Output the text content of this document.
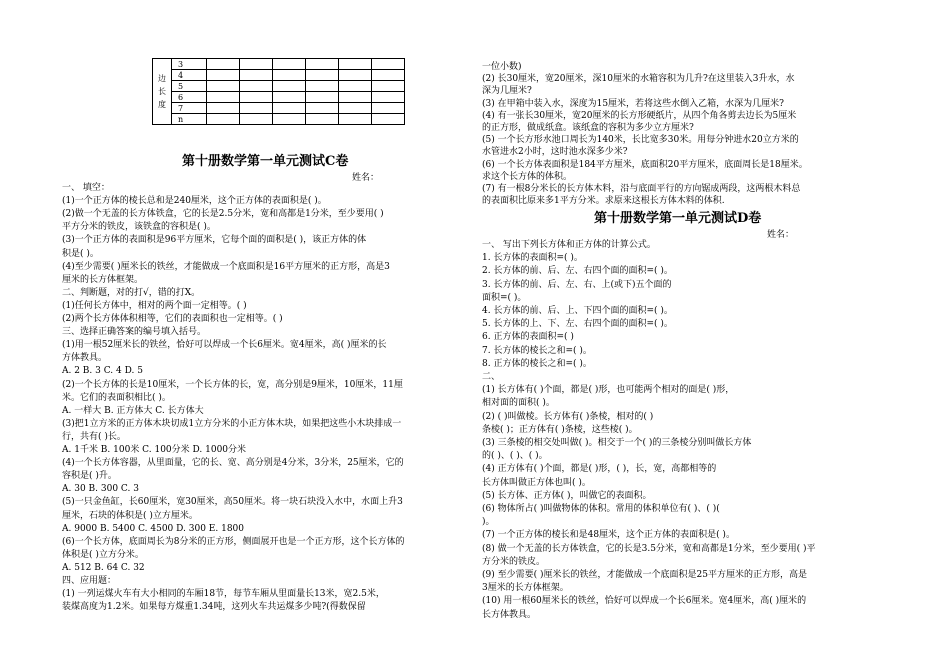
边
长
度	3						
	4						
	5						
	6						
	7						
	n						
第十册数学第一单元测试C卷
姓名：
一、 填空：
(1)一个正方体的棱长总和是240厘米，这个正方体的表面积是( )。
(2)做一个无盖的长方体铁盒，它的长是2.5分米，宽和高都是1分米，至少要用( )
平方分米的铁皮，该铁盒的容积是( )。
(3)一个正方体的表面积是96平方厘米，它每个面的面积是( )，该正方体的体
积是( )。
(4)至少需要( )厘米长的铁丝，才能做成一个底面积是16平方厘米的正方形，高是3
厘米的长方体框架。
二、判断题，对的打√，错的打X。
(1)任何长方体中，相对的两个面一定相等。( )
(2)两个长方体体积相等，它们的表面积也一定相等。( )
三、选择正确答案的编号填入括号。
(1)用一根52厘米长的铁丝，恰好可以焊成一个长6厘米。宽4厘米，高( )厘米的长
方体教具。
A. 2 B. 3 C. 4 D. 5
(2)一个长方体的长是10厘米，一个长方体的长，宽，高分别是9厘米，10厘米，11厘
米。它们的表面积相比( )。
A. 一样大 B. 正方体大 C. 长方体大
(3)把1立方米的正方体木块切成1立方分米的小正方体木块，如果把这些小木块排成一
行，共有( )长。
A. 1千米 B. 100米 C. 100分米 D. 1000分米
(4)一个长方体容器，从里面量，它的长、宽、高分别是4分米，3分米，25厘米，它的
容积是( )升。
A. 30 B. 300 C. 3
(5)一只金鱼缸，长60厘米，宽30厘米，高50厘米。将一块石块没入水中，水面上升3
厘米，石块的体积是( )立方厘米。
A. 9000 B. 5400 C. 4500 D. 300 E. 1800
(6)一个长方体，底面周长为8分米的正方形，侧面展开也是一个正方形，这个长方体的
体积是( )立方分米。
A. 512 B. 64 C. 32
四、应用题：
(1) 一列运煤火车有大小相同的车厢18节，每节车厢从里面量长13米，宽2.5米，
装煤高度为1.2米。如果每方煤重1.34吨，这列火车共运煤多少吨?(得数保留
一位小数)
(2) 长30厘米，宽20厘米，深10厘米的水箱容积为几升?在这里装入3升水，水
深为几厘米?
(3) 在甲箱中装入水，深度为15厘米，若将这些水倒入乙箱，水深为几厘米?
(4) 有一张长30厘米，宽20厘米的长方形硬纸片，从四个角各剪去边长为5厘米
的正方形，做成纸盒。该纸盒的容积为多少立方厘米?
(5) 一个长方形水池口周长为140米，长比宽多30米。用每分钟进水20立方米的
水管进水2小时，这时池水深多少米?
(6) 一个长方体表面积是184平方厘米，底面积20平方厘米，底面周长是18厘米。
求这个长方体的体积。
(7) 有一根8分米长的长方体木料，沿与底面平行的方向锯成两段，这两根木料总
的表面积比原来多1平方分米。求原来这根长方体木料的体积.
第十册数学第一单元测试D卷
姓名：
一、 写出下列长方体和正方体的计算公式。
1. 长方体的表面积=( )。
2. 长方体的前、后、左、右四个面的面积=( )。
3. 长方体的前、后、左、右、上(或下)五个面的
面积=( )。
4. 长方体的前、后、上、下四个面的面积=( )。
5. 长方体的上、下、左、右四个面的面积=( )。
6. 正方体的表面积=( )
7. 长方体的棱长之和=( )。
8. 正方体的棱长之和=( )。
二、
(1) 长方体有( )个面，都是( )形，也可能两个相对的面是( )形，
相对面的面积( )。
(2) ( )叫做棱。长方体有( )条棱，相对的( )
条棱( )；正方体有( )条棱，这些棱( )。
(3) 三条棱的相交处叫做( )。相交于一个( )的三条棱分别叫做长方体
的( )、( )、( )。
(4) 正方体有( )个面，都是( )形，( )，长，宽，高都相等的
长方体叫做正方体也叫( )。
(5) 长方体、正方体( )，叫做它的表面积。
(6) 物体所占( )叫做物体的体积。常用的体积单位有( )、( )(
)。
(7) 一个正方体的棱长和是48厘米，这个正方体的表面积是( )。
(8) 做一个无盖的长方体铁盒，它的长是3.5分米，宽和高都是1分米，至少要用( )平
方分米的铁皮。
(9) 至少需要( )厘米长的铁丝，才能做成一个底面积是25平方厘米的正方形，高是
3厘米的长方体框架。
(10) 用一根60厘米长的铁丝，恰好可以焊成一个长6厘米。宽4厘米，高( )厘米的
长方体教具。
